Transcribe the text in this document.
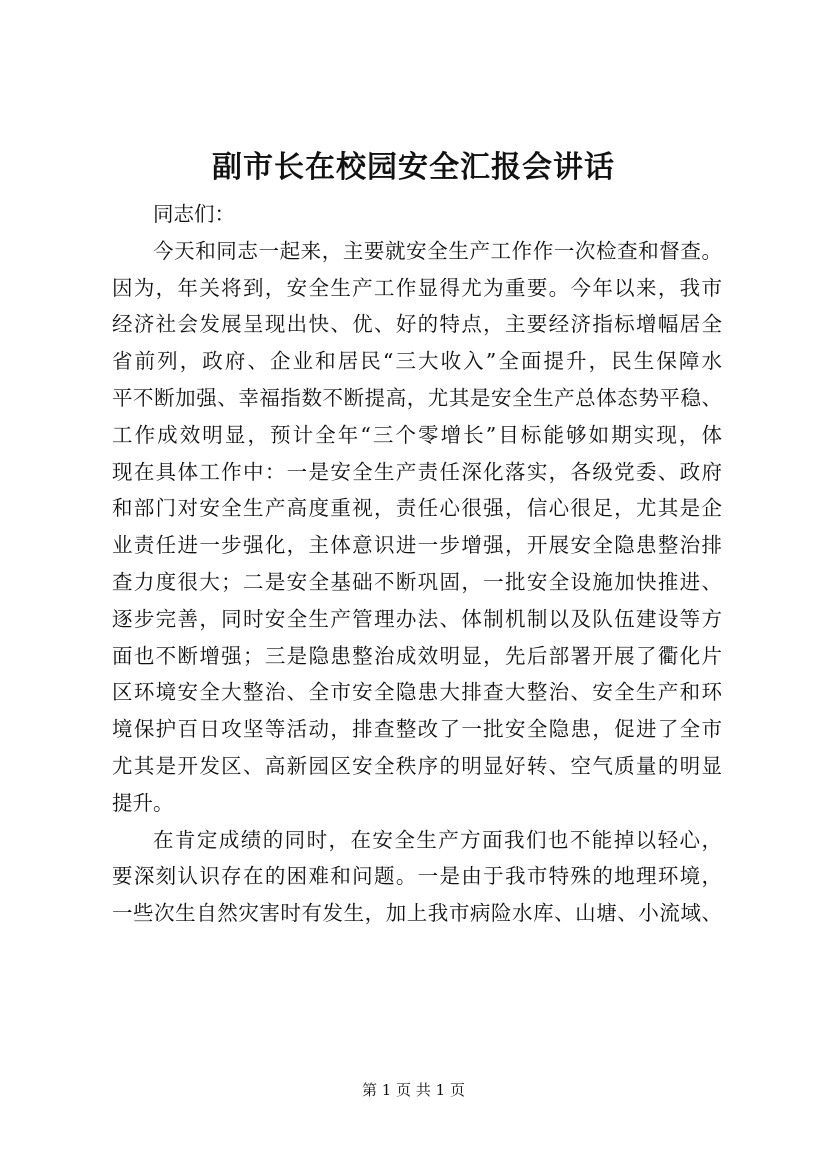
副市长在校园安全汇报会讲话

同志们：

今天和同志一起来，主要就安全生产工作作一次检查和督查。
因为，年关将到，安全生产工作显得尤为重要。今年以来，我市
经济社会发展呈现出快、优、好的特点，主要经济指标增幅居全
省前列，政府、企业和居民“三大收入”全面提升，民生保障水
平不断加强、幸福指数不断提高，尤其是安全生产总体态势平稳、
工作成效明显，预计全年“三个零增长”目标能够如期实现，体
现在具体工作中：一是安全生产责任深化落实，各级党委、政府
和部门对安全生产高度重视，责任心很强，信心很足，尤其是企
业责任进一步强化，主体意识进一步增强，开展安全隐患整治排
查力度很大；二是安全基础不断巩固，一批安全设施加快推进、
逐步完善，同时安全生产管理办法、体制机制以及队伍建设等方
面也不断增强；三是隐患整治成效明显，先后部署开展了衢化片
区环境安全大整治、全市安全隐患大排查大整治、安全生产和环
境保护百日攻坚等活动，排查整改了一批安全隐患，促进了全市
尤其是开发区、高新园区安全秩序的明显好转、空气质量的明显
提升。

在肯定成绩的同时，在安全生产方面我们也不能掉以轻心，
要深刻认识存在的困难和问题。一是由于我市特殊的地理环境，
一些次生自然灾害时有发生，加上我市病险水库、山塘、小流域、

第 1 页 共 1 页
